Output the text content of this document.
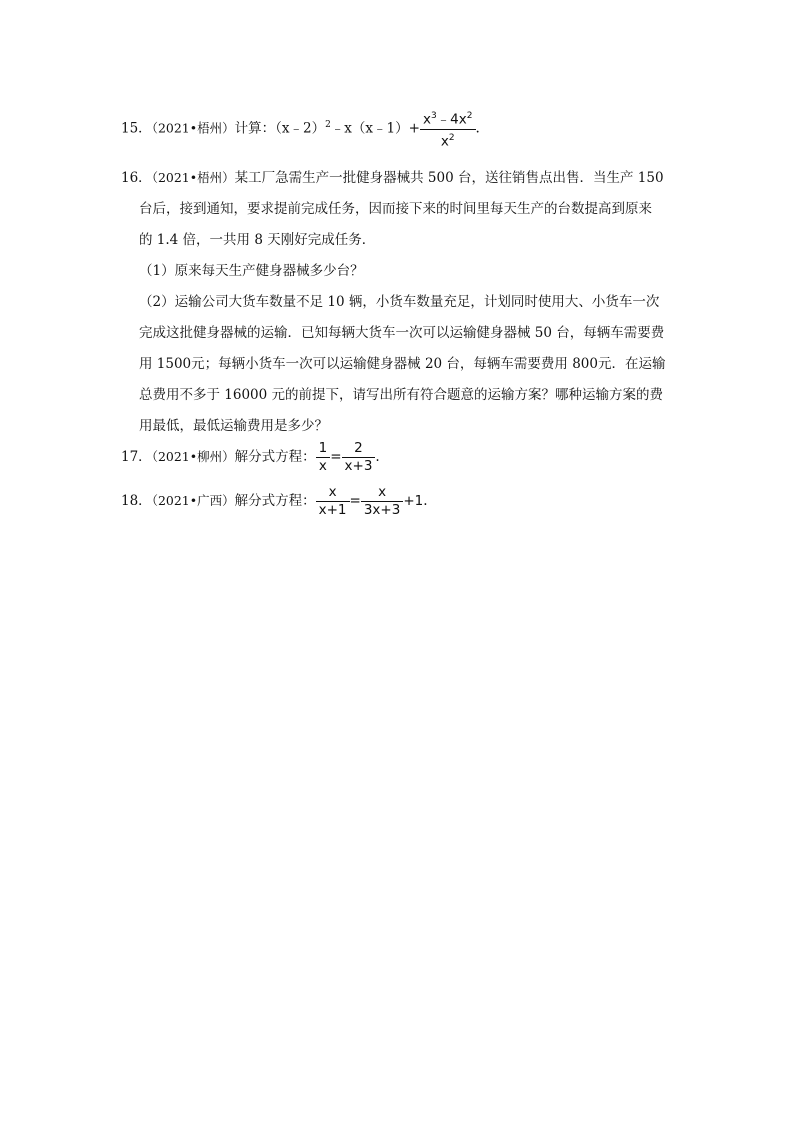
15．（2021•梧州）计算：（x﹣2）$^2$﹣x（x﹣1）+ $\frac{x^3﹣4x^2}{x^2}$ .
16．（2021•梧州）某工厂急需生产一批健身器械共 500 台，送往销售点出售．当生产 150
台后，接到通知，要求提前完成任务，因而接下来的时间里每天生产的台数提高到原来
的 1.4 倍，一共用 8 天刚好完成任务．
（1）原来每天生产健身器械多少台？
（2）运输公司大货车数量不足 10 辆，小货车数量充足，计划同时使用大、小货车一次
完成这批健身器械的运输．已知每辆大货车一次可以运输健身器械 50 台，每辆车需要费
用 1500元；每辆小货车一次可以运输健身器械 20 台，每辆车需要费用 800元．在运输
总费用不多于 16000 元的前提下，请写出所有符合题意的运输方案？哪种运输方案的费
用最低，最低运输费用是多少？
17．（2021•柳州）解分式方程： $\frac{1}{x} = \frac{2}{x+3}$ .
18．（2021•广西）解分式方程： $\frac{x}{x+1} = \frac{x}{3x+3} +1$.
